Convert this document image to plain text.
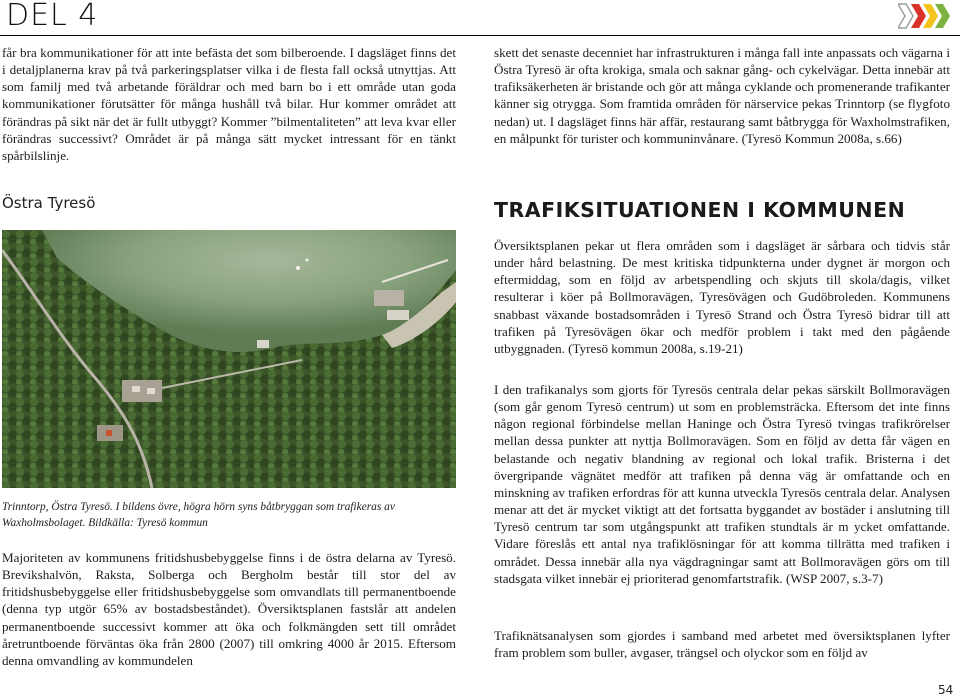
DEL 4

får bra kommunikationer för att inte befästa det som bilberoende. I dagsläget finns det i detaljplanerna krav på två parkeringsplatser vilka i de flesta fall också utnyttjas. Att som familj med två arbetande föräldrar och med barn bo i ett område utan goda kommunikationer förutsätter för många hushåll två bilar. Hur kommer området att förändras på sikt när det är fullt utbyggt? Kommer ”bilmentaliteten” att leva kvar eller förändras successivt? Området är på många sätt mycket intressant för en tänkt spårbilslinje.

Östra Tyresö
Trinntorp, Östra Tyresö. I bildens övre, högra hörn syns båtbryggan som trafikeras av Waxholmsbolaget. Bildkälla: Tyresö kommun

Majoriteten av kommunens fritidshusbebyggelse finns i de östra delarna av Tyresö. Brevikshalvön, Raksta, Solberga och Bergholm består till stor del av fritidshusbebyggelse eller fritidshusbebyggelse som omvandlats till permanentboende (denna typ utgör 65% av bostadsbeståndet). Översiktsplanen fastslår att andelen permanentboende successivt kommer att öka och folkmängden sett till området åretruntboende förväntas öka från 2800 (2007) till omkring 4000 år 2015. Eftersom denna omvandling av kommundelen

skett det senaste decenniet har infrastrukturen i många fall inte anpassats och vägarna i Östra Tyresö är ofta krokiga, smala och saknar gång- och cykelvägar. Detta innebär att trafiksäkerheten är bristande och gör att många cyklande och promenerande trafikanter känner sig otrygga. Som framtida områden för närservice pekas Trinntorp (se flygfoto nedan) ut. I dagsläget finns här affär, restaurang samt båtbrygga för Waxholmstrafiken, en målpunkt för turister och kommuninvånare. (Tyresö Kommun 2008a, s.66)

TRAFIKSITUATIONEN I KOMMUNEN

Översiktsplanen pekar ut flera områden som i dagsläget är sårbara och tidvis står under hård belastning. De mest kritiska tidpunkterna under dygnet är morgon och eftermiddag, som en följd av arbetspendling och skjuts till skola/dagis, vilket resulterar i köer på Bollmoravägen, Tyresövägen och Gudöbroleden. Kommunens snabbast växande bostadsområden i Tyresö Strand och Östra Tyresö bidrar till att trafiken på Tyresövägen ökar och medför problem i takt med den pågående utbyggnaden. (Tyresö kommun 2008a, s.19-21)

I den trafikanalys som gjorts för Tyresös centrala delar pekas särskilt Bollmoravägen (som går genom Tyresö centrum) ut som en problemsträcka. Eftersom det inte finns någon regional förbindelse mellan Haninge och Östra Tyresö tvingas trafikrörelser mellan dessa punkter att nyttja Bollmoravägen. Som en följd av detta får vägen en belastande och negativ blandning av regional och lokal trafik. Bristerna i det övergripande vägnätet medför att trafiken på denna väg är omfattande och en minskning av trafiken erfordras för att kunna utveckla Tyresös centrala delar. Analysen menar att det är mycket viktigt att det fortsatta byggandet av bostäder i anslutning till Tyresö centrum tar som utgångspunkt att trafiken stundtals är m ycket omfattande. Vidare föreslås ett antal nya trafiklösningar för att komma tillrätta med trafiken i området. Dessa innebär alla nya vägdragningar samt att Bollmoravägen görs om till stadsgata vilket innebär ej prioriterad genomfartstrafik. (WSP 2007, s.3-7)

Trafiknätsanalysen som gjordes i samband med arbetet med översiktsplanen lyfter fram problem som buller, avgaser, trängsel och olyckor som en följd av

54
